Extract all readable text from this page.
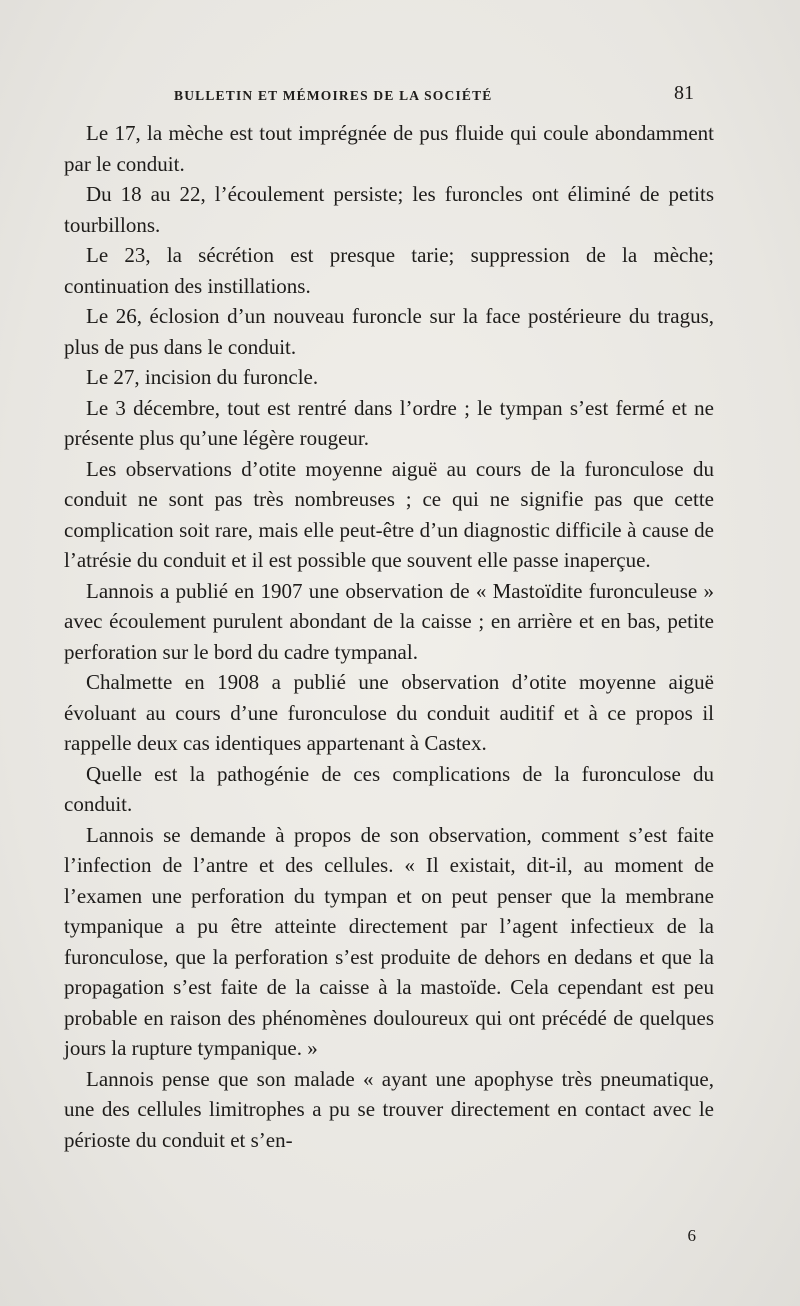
BULLETIN ET MÉMOIRES DE LA SOCIÉTÉ	81

Le 17, la mèche est tout imprégnée de pus fluide qui coule abondamment par le conduit.

Du 18 au 22, l’écoulement persiste; les furoncles ont éliminé de petits tourbillons.

Le 23, la sécrétion est presque tarie; suppression de la mèche; continuation des instillations.

Le 26, éclosion d’un nouveau furoncle sur la face postérieure du tragus, plus de pus dans le conduit.

Le 27, incision du furoncle.

Le 3 décembre, tout est rentré dans l’ordre ; le tympan s’est fermé et ne présente plus qu’une légère rougeur.

Les observations d’otite moyenne aiguë au cours de la furonculose du conduit ne sont pas très nombreuses ; ce qui ne signifie pas que cette complication soit rare, mais elle peut-être d’un diagnostic difficile à cause de l’atrésie du conduit et il est possible que souvent elle passe inaperçue.

Lannois a publié en 1907 une observation de « Mastoïdite furonculeuse » avec écoulement purulent abondant de la caisse ; en arrière et en bas, petite perforation sur le bord du cadre tympanal.

Chalmette en 1908 a publié une observation d’otite moyenne aiguë évoluant au cours d’une furonculose du conduit auditif et à ce propos il rappelle deux cas identiques appartenant à Castex.

Quelle est la pathogénie de ces complications de la furonculose du conduit.

Lannois se demande à propos de son observation, comment s’est faite l’infection de l’antre et des cellules. « Il existait, dit-il, au moment de l’examen une perforation du tympan et on peut penser que la membrane tympanique a pu être atteinte directement par l’agent infectieux de la furonculose, que la perforation s’est produite de dehors en dedans et que la propagation s’est faite de la caisse à la mastoïde. Cela cependant est peu probable en raison des phénomènes douloureux qui ont précédé de quelques jours la rupture tympanique. »

Lannois pense que son malade « ayant une apophyse très pneumatique, une des cellules limitrophes a pu se trouver directement en contact avec le périoste du conduit et s’en-

6
